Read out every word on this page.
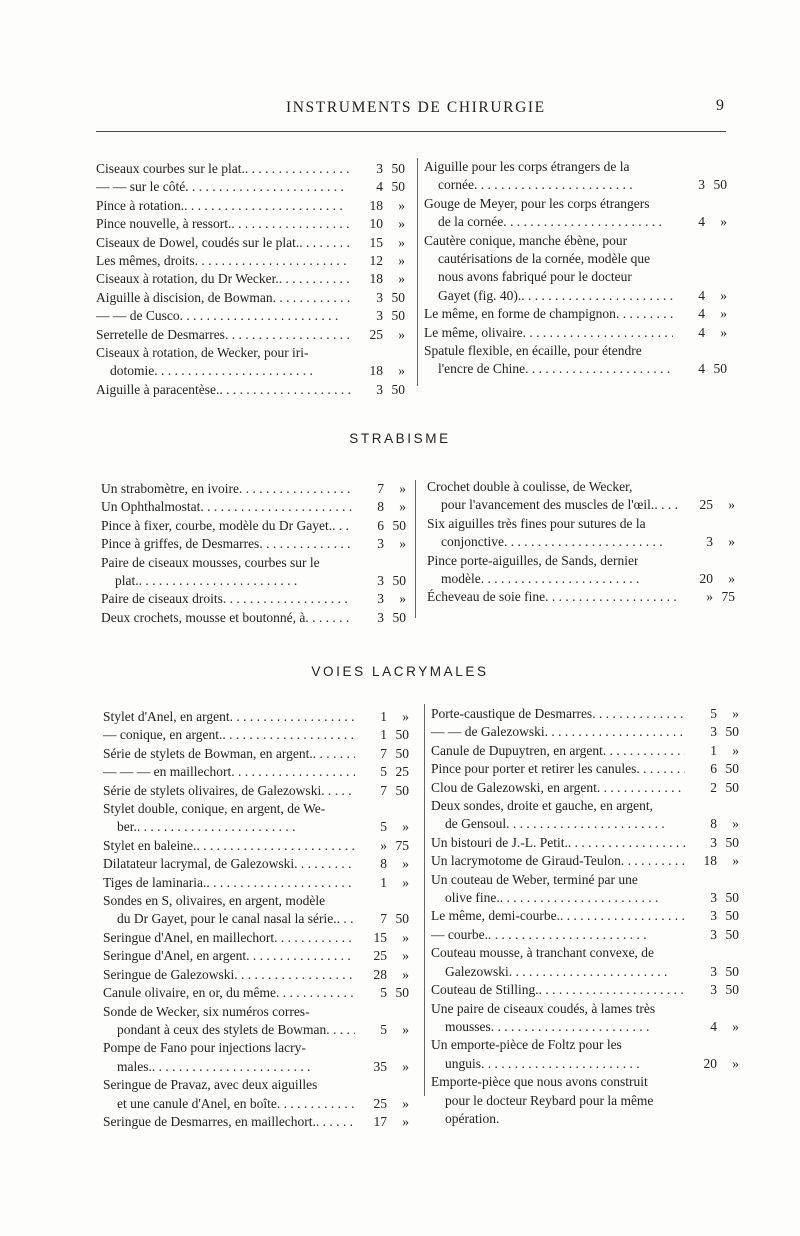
INSTRUMENTS DE CHIRURGIE	9
Ciseaux courbes sur le plat. . . .	3 50
— — sur le côté . . .	4 50
Pince à rotation. . . .	18	»
Pince nouvelle, à ressort. . . .	10	»
Ciseaux de Dowel, coudés sur le plat. . . .	15	»
Les mêmes, droits . . .	12	»
Ciseaux à rotation, du Dr Wecker. . . .	18	»
Aiguille à discision, de Bowman . . .	3 50
— — de Cusco . . .	3 50
Serretelle de Desmarres . . .	25	»
Ciseaux à rotation, de Wecker, pour iri-
dotomie . . .	18	»
Aiguille à paracentèse. . . .	3 50
Aiguille pour les corps étrangers de la
cornée . . .	3 50
Gouge de Meyer, pour les corps étrangers
de la cornée . . .	4	»
Cautère conique, manche ébène, pour
cautérisations de la cornée, modèle que
nous avons fabriqué pour le docteur
Gayet (fig. 40). . . .	4	»
Le même, en forme de champignon . . .	4	»
Le même, olivaire . . .	4	»
Spatule flexible, en écaille, pour étendre
l'encre de Chine . . .	4 50
STRABISME
Un strabomètre, en ivoire . . .	7	»
Un Ophthalmostat . . .	8	»
Pince à fixer, courbe, modèle du Dr Gayet. . . .	6 50
Pince à griffes, de Desmarres . . .	3	»
Paire de ciseaux mousses, courbes sur le
plat. . . .	3 50
Paire de ciseaux droits . . .	3	»
Deux crochets, mousse et boutonné, à . . .	3 50
Crochet double à coulisse, de Wecker,
pour l'avancement des muscles de l'œil. . . .	25	»
Six aiguilles très fines pour sutures de la
conjonctive . . .	3	»
Pince porte-aiguilles, de Sands, dernier
modèle . . .	20	»
Écheveau de soie fine . . .	» 75
VOIES LACRYMALES
Stylet d'Anel, en argent . . .	1	»
— conique, en argent. . . .	1 50
Série de stylets de Bowman, en argent. . . .	7 50
— — — en maillechort . . .	5 25
Série de stylets olivaires, de Galezowski . . .	7 50
Stylet double, conique, en argent, de We-
ber. . . .	5	»
Stylet en baleine. . . .	» 75
Dilatateur lacrymal, de Galezowski . . .	8	»
Tiges de laminaria. . . .	1	»
Sondes en S, olivaires, en argent, modèle
du Dr Gayet, pour le canal nasal la série. . . .	7 50
Seringue d'Anel, en maillechort . . .	15	»
Seringue d'Anel, en argent . . .	25	»
Seringue de Galezowski . . .	28	»
Canule olivaire, en or, du même . . .	5 50
Sonde de Wecker, six numéros corres-
pondant à ceux des stylets de Bowman . . .	5	»
Pompe de Fano pour injections lacry-
males. . . .	35	»
Seringue de Pravaz, avec deux aiguilles
et une canule d'Anel, en boîte . . .	25	»
Seringue de Desmarres, en maillechort. . . .	17	»
Porte-caustique de Desmarres . . .	5	»
— — de Galezowski . . .	3 50
Canule de Dupuytren, en argent . . .	1	»
Pince pour porter et retirer les canules . . .	6 50
Clou de Galezowski, en argent . . .	2 50
Deux sondes, droite et gauche, en argent,
de Gensoul . . .	8	»
Un bistouri de J.-L. Petit. . . .	3 50
Un lacrymotome de Giraud-Teulon . . .	18	»
Un couteau de Weber, terminé par une
olive fine. . . .	3 50
Le même, demi-courbe. . . .	3 50
— courbe. . . .	3 50
Couteau mousse, à tranchant convexe, de
Galezowski . . .	3 50
Couteau de Stilling. . . .	3 50
Une paire de ciseaux coudés, à lames très
mousses . . .	4	»
Un emporte-pièce de Foltz pour les
unguis . . .	20	»
Emporte-pièce que nous avons construit
pour le docteur Reybard pour la même
opération.
